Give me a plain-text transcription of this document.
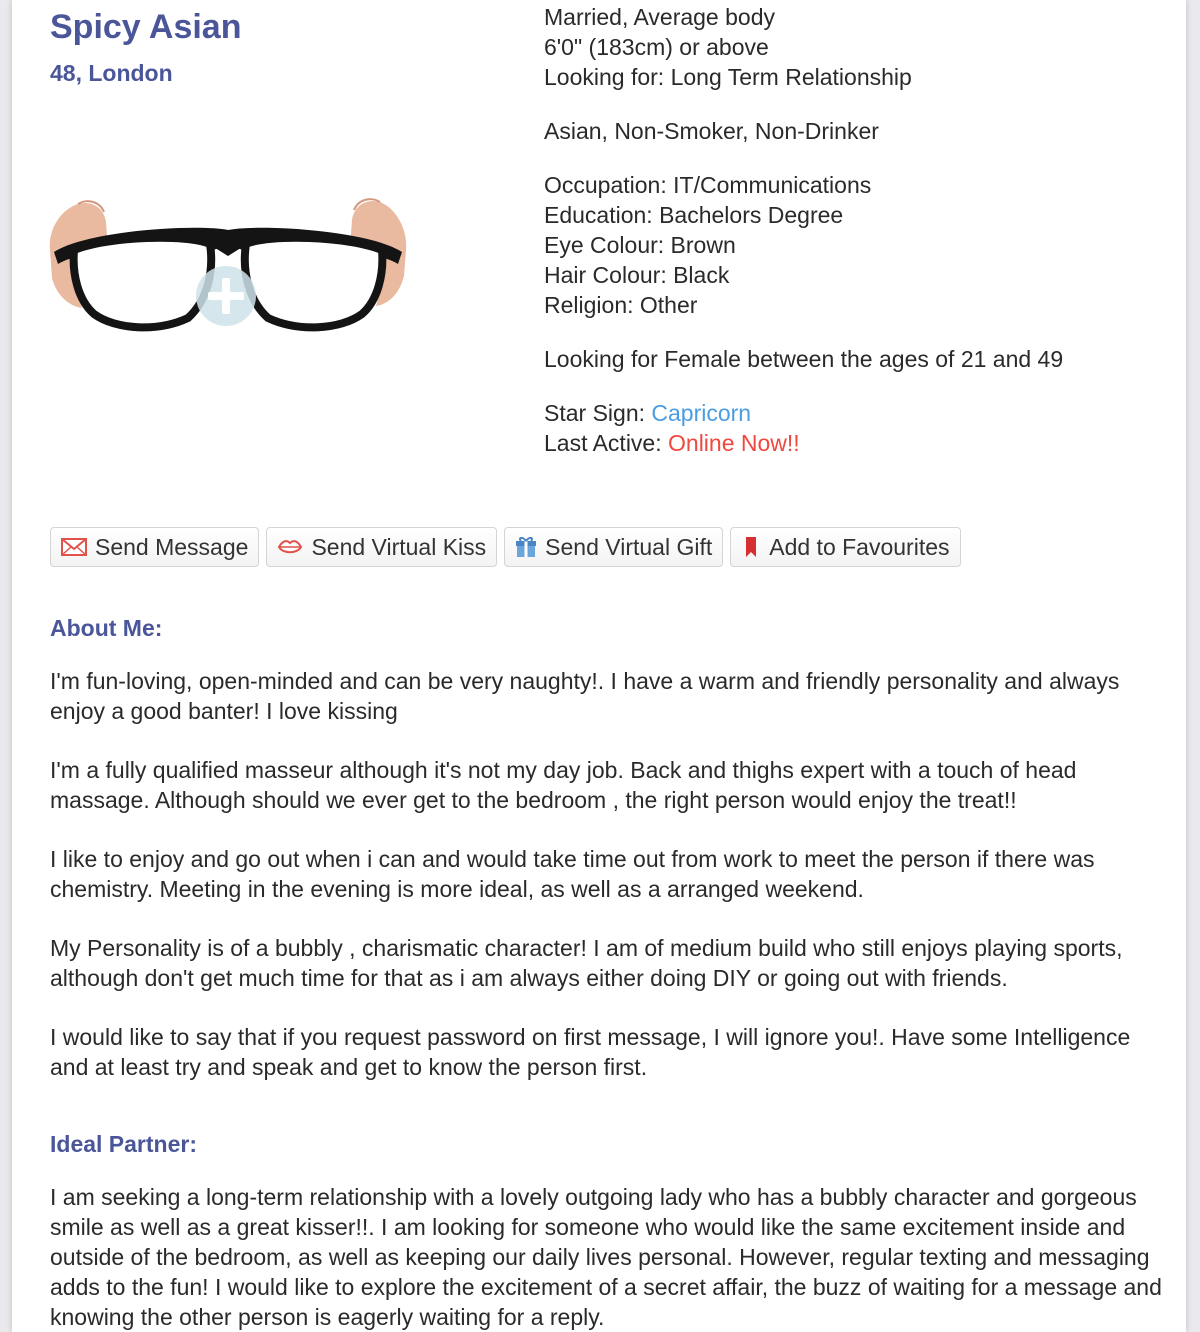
Spicy Asian
48, London
Married, Average body
6'0" (183cm) or above
Looking for: Long Term Relationship
Asian, Non-Smoker, Non-Drinker
Occupation: IT/Communications
Education: Bachelors Degree
Eye Colour: Brown
Hair Colour: Black
Religion: Other
Looking for Female between the ages of 21 and 49
Star Sign: Capricorn
Last Active: Online Now!!
Send Message	Send Virtual Kiss	Send Virtual Gift Add to Favourites
About Me:

I'm fun-loving, open-minded and can be very naughty!. I have a warm and friendly personality and always enjoy a good banter! I love kissing

I'm a fully qualified masseur although it's not my day job. Back and thighs expert with a touch of head massage. Although should we ever get to the bedroom , the right person would enjoy the treat!!

I like to enjoy and go out when i can and would take time out from work to meet the person if there was chemistry. Meeting in the evening is more ideal, as well as a arranged weekend.

My Personality is of a bubbly , charismatic character! I am of medium build who still enjoys playing sports, although don't get much time for that as i am always either doing DIY or going out with friends.

I would like to say that if you request password on first message, I will ignore you!. Have some Intelligence and at least try and speak and get to know the person first.

Ideal Partner:

I am seeking a long-term relationship with a lovely outgoing lady who has a bubbly character and gorgeous smile as well as a great kisser!!. I am looking for someone who would like the same excitement inside and outside of the bedroom, as well as keeping our daily lives personal. However, regular texting and messaging adds to the fun! I would like to explore the excitement of a secret affair, the buzz of waiting for a message and knowing the other person is eagerly waiting for a reply.
